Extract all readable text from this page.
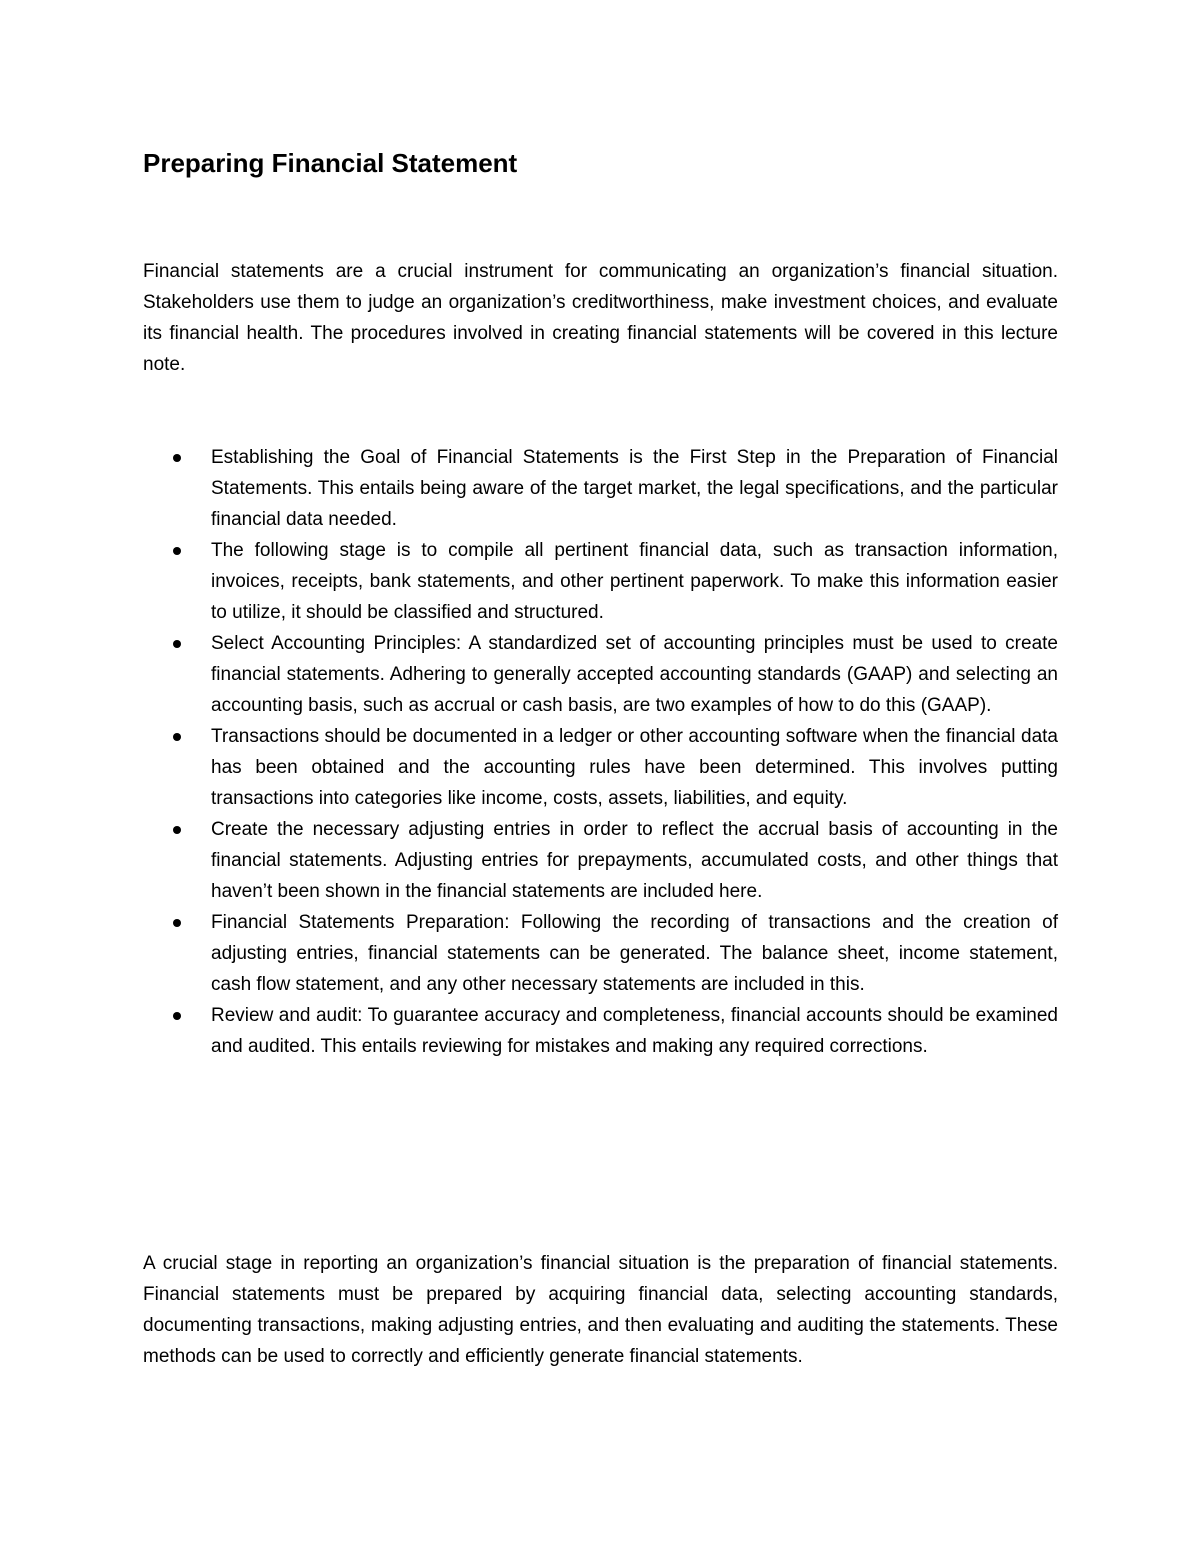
Preparing Financial Statement

Financial statements are a crucial instrument for communicating an organization’s financial situation. Stakeholders use them to judge an organization’s creditworthiness, make investment choices, and evaluate its financial health. The procedures involved in creating financial statements will be covered in this lecture note.

Establishing the Goal of Financial Statements is the First Step in the Preparation of Financial Statements. This entails being aware of the target market, the legal specifications, and the particular financial data needed.
The following stage is to compile all pertinent financial data, such as transaction information, invoices, receipts, bank statements, and other pertinent paperwork. To make this information easier to utilize, it should be classified and structured.
Select Accounting Principles: A standardized set of accounting principles must be used to create financial statements. Adhering to generally accepted accounting standards (GAAP) and selecting an accounting basis, such as accrual or cash basis, are two examples of how to do this (GAAP).
Transactions should be documented in a ledger or other accounting software when the financial data has been obtained and the accounting rules have been determined. This involves putting transactions into categories like income, costs, assets, liabilities, and equity.
Create the necessary adjusting entries in order to reflect the accrual basis of accounting in the financial statements. Adjusting entries for prepayments, accumulated costs, and other things that haven’t been shown in the financial statements are included here.
Financial Statements Preparation: Following the recording of transactions and the creation of adjusting entries, financial statements can be generated. The balance sheet, income statement, cash flow statement, and any other necessary statements are included in this.
Review and audit: To guarantee accuracy and completeness, financial accounts should be examined and audited. This entails reviewing for mistakes and making any required corrections.

A crucial stage in reporting an organization’s financial situation is the preparation of financial statements. Financial statements must be prepared by acquiring financial data, selecting accounting standards, documenting transactions, making adjusting entries, and then evaluating and auditing the statements. These methods can be used to correctly and efficiently generate financial statements.
